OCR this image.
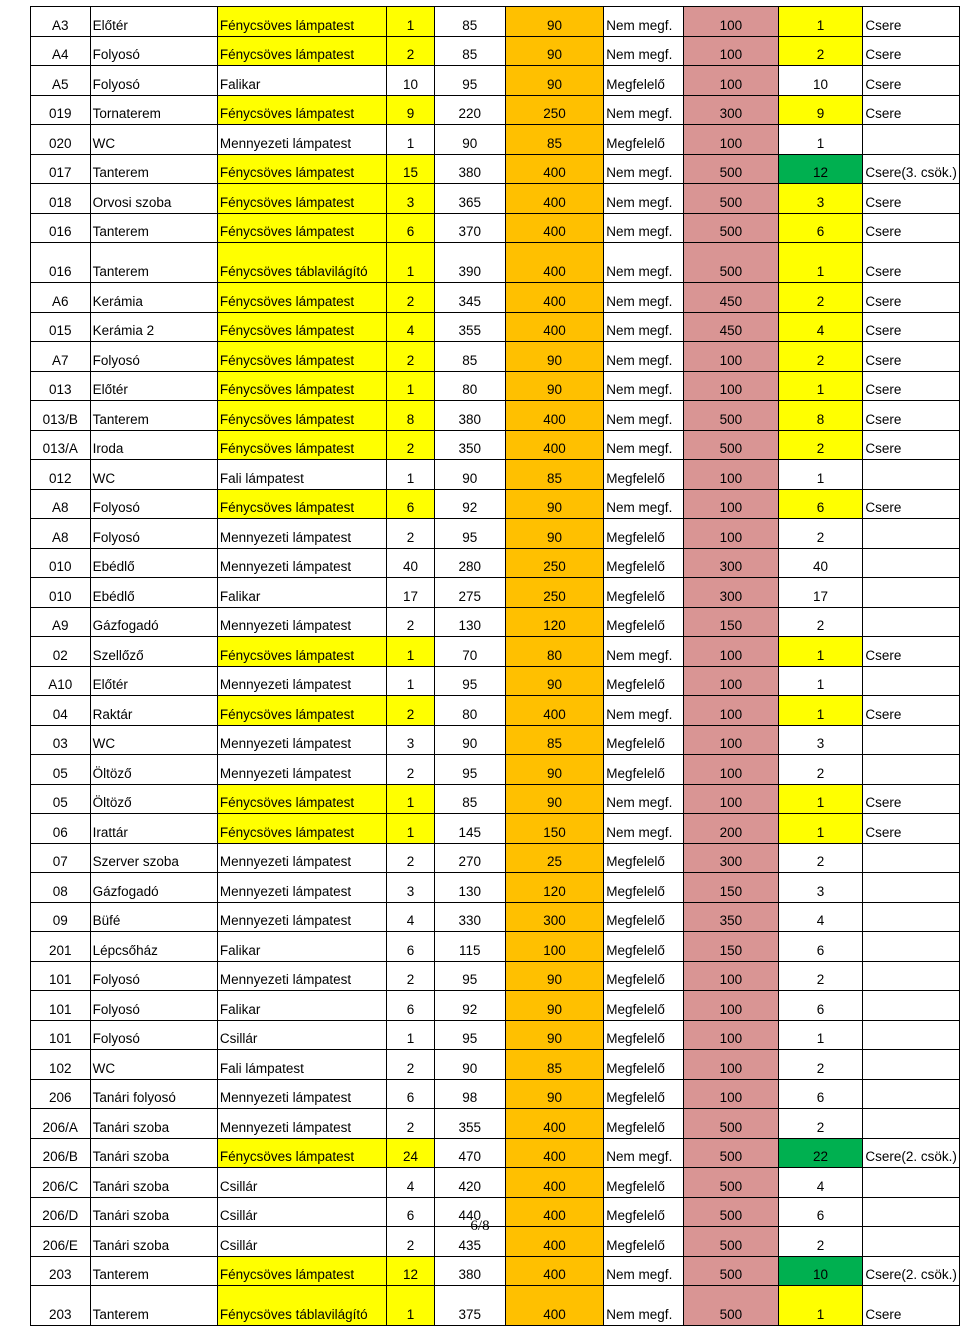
A3	Előtér	Fénycsöves lámpatest	1	85	90	Nem megf.	100	1	Csere
A4	Folyosó	Fénycsöves lámpatest	2	85	90	Nem megf.	100	2	Csere
A5	Folyosó	Falikar	10	95	90	Megfelelő	100	10	Csere
019	Tornaterem	Fénycsöves lámpatest	9	220	250	Nem megf.	300	9	Csere
020	WC	Mennyezeti lámpatest	1	90	85	Megfelelő	100	1	
017	Tanterem	Fénycsöves lámpatest	15	380	400	Nem megf.	500	12	Csere(3. csök.)
018	Orvosi szoba	Fénycsöves lámpatest	3	365	400	Nem megf.	500	3	Csere
016	Tanterem	Fénycsöves lámpatest	6	370	400	Nem megf.	500	6	Csere
016	Tanterem	Fénycsöves táblavilágító	1	390	400	Nem megf.	500	1	Csere
A6	Kerámia	Fénycsöves lámpatest	2	345	400	Nem megf.	450	2	Csere
015	Kerámia 2	Fénycsöves lámpatest	4	355	400	Nem megf.	450	4	Csere
A7	Folyosó	Fénycsöves lámpatest	2	85	90	Nem megf.	100	2	Csere
013	Előtér	Fénycsöves lámpatest	1	80	90	Nem megf.	100	1	Csere
013/B	Tanterem	Fénycsöves lámpatest	8	380	400	Nem megf.	500	8	Csere
013/A	Iroda	Fénycsöves lámpatest	2	350	400	Nem megf.	500	2	Csere
012	WC	Fali lámpatest	1	90	85	Megfelelő	100	1	
A8	Folyosó	Fénycsöves lámpatest	6	92	90	Nem megf.	100	6	Csere
A8	Folyosó	Mennyezeti lámpatest	2	95	90	Megfelelő	100	2	
010	Ebédlő	Mennyezeti lámpatest	40	280	250	Megfelelő	300	40	
010	Ebédlő	Falikar	17	275	250	Megfelelő	300	17	
A9	Gázfogadó	Mennyezeti lámpatest	2	130	120	Megfelelő	150	2	
02	Szellőző	Fénycsöves lámpatest	1	70	80	Nem megf.	100	1	Csere
A10	Előtér	Mennyezeti lámpatest	1	95	90	Megfelelő	100	1	
04	Raktár	Fénycsöves lámpatest	2	80	400	Nem megf.	100	1	Csere
03	WC	Mennyezeti lámpatest	3	90	85	Megfelelő	100	3	
05	Öltöző	Mennyezeti lámpatest	2	95	90	Megfelelő	100	2	
05	Öltöző	Fénycsöves lámpatest	1	85	90	Nem megf.	100	1	Csere
06	Irattár	Fénycsöves lámpatest	1	145	150	Nem megf.	200	1	Csere
07	Szerver szoba	Mennyezeti lámpatest	2	270	25	Megfelelő	300	2	
08	Gázfogadó	Mennyezeti lámpatest	3	130	120	Megfelelő	150	3	
09	Büfé	Mennyezeti lámpatest	4	330	300	Megfelelő	350	4	
201	Lépcsőház	Falikar	6	115	100	Megfelelő	150	6	
101	Folyosó	Mennyezeti lámpatest	2	95	90	Megfelelő	100	2	
101	Folyosó	Falikar	6	92	90	Megfelelő	100	6	
101	Folyosó	Csillár	1	95	90	Megfelelő	100	1	
102	WC	Fali lámpatest	2	90	85	Megfelelő	100	2	
206	Tanári folyosó	Mennyezeti lámpatest	6	98	90	Megfelelő	100	6	
206/A	Tanári szoba	Mennyezeti lámpatest	2	355	400	Megfelelő	500	2	
206/B	Tanári szoba	Fénycsöves lámpatest	24	470	400	Nem megf.	500	22	Csere(2. csök.)
206/C	Tanári szoba	Csillár	4	420	400	Megfelelő	500	4	
206/D	Tanári szoba	Csillár	6	440	400	Megfelelő	500	6	
206/E	Tanári szoba	Csillár	2	435	400	Megfelelő	500	2	
203	Tanterem	Fénycsöves lámpatest	12	380	400	Nem megf.	500	10	Csere(2. csök.)
203	Tanterem	Fénycsöves táblavilágító	1	375	400	Nem megf.	500	1	Csere
6/8
